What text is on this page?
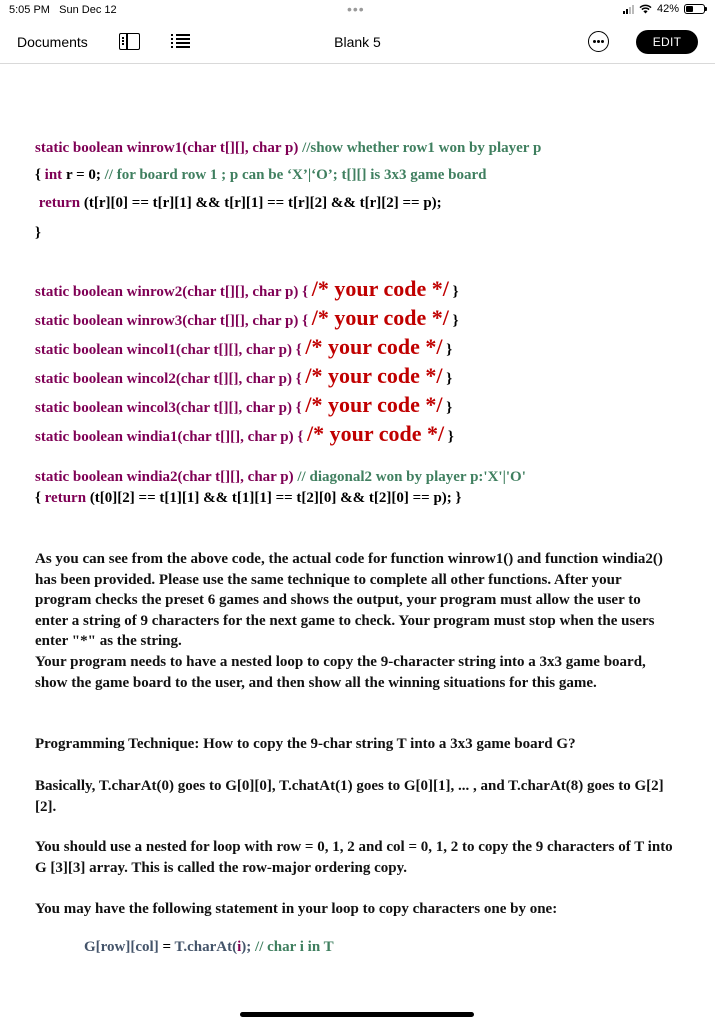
5:05 PM Sun Dec 12	•••	42%
Documents	Blank 5	EDIT
static boolean winrow1(char t[][], char p) //show whether row1 won by player p
{ int r = 0; // for board row 1 ; p can be ‘X’|‘O’; t[][] is 3x3 game board
return (t[r][0] == t[r][1] && t[r][1] == t[r][2] && t[r][2] == p);
}
static boolean winrow2(char t[][], char p) { /* your code */ }
static boolean winrow3(char t[][], char p) { /* your code */ }
static boolean wincol1(char t[][], char p) { /* your code */ }
static boolean wincol2(char t[][], char p) { /* your code */ }
static boolean wincol3(char t[][], char p) { /* your code */ }
static boolean windia1(char t[][], char p) { /* your code */ }
static boolean windia2(char t[][], char p) // diagonal2 won by player p:'X'|'O'
{ return (t[0][2] == t[1][1] && t[1][1] == t[2][0] && t[2][0] == p); }
As you can see from the above code, the actual code for function winrow1() and function windia2() has been provided. Please use the same technique to complete all other functions. After your program checks the preset 6 games and shows the output, your program must allow the user to enter a string of 9 characters for the next game to check. Your program must stop when the users enter "*" as the string.
Your program needs to have a nested loop to copy the 9-character string into a 3x3 game board, show the game board to the user, and then show all the winning situations for this game.
Programming Technique: How to copy the 9-char string T into a 3x3 game board G?
Basically, T.charAt(0) goes to G[0][0], T.chatAt(1) goes to G[0][1], ... , and T.charAt(8) goes to G[2][2].
You should use a nested for loop with row = 0, 1, 2 and col = 0, 1, 2 to copy the 9 characters of T into G [3][3] array. This is called the row-major ordering copy.
You may have the following statement in your loop to copy characters one by one:
G[row][col] = T.charAt(i); // char i in T
